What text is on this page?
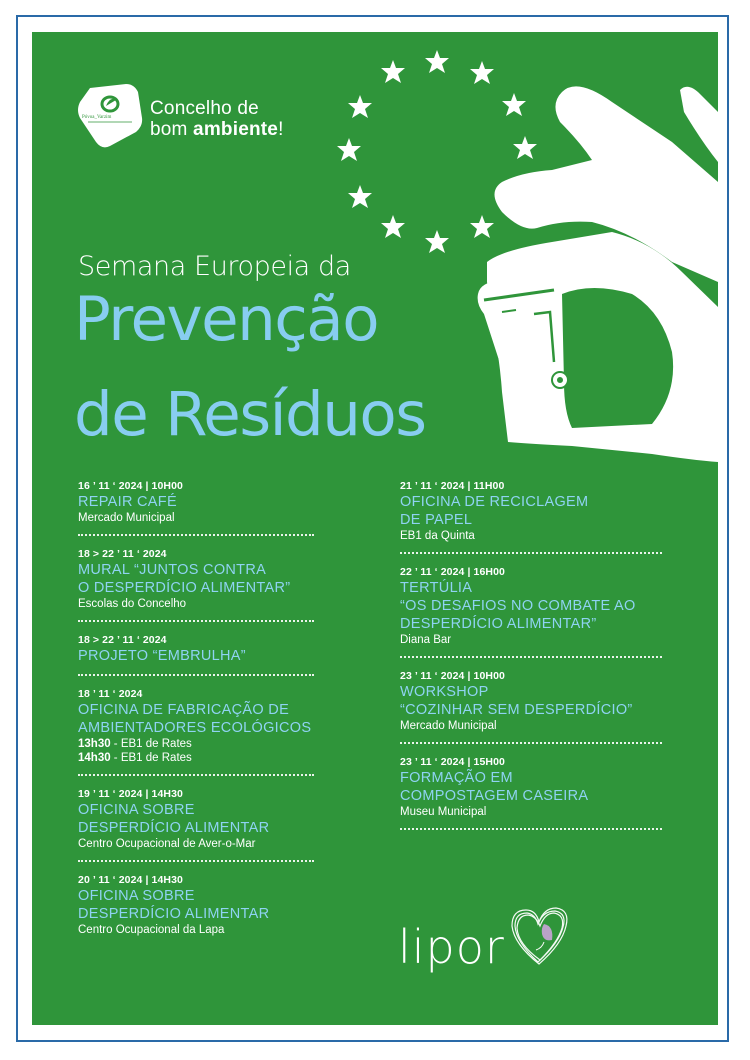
Póvoa_Varzim Concelho de
bom ambiente!
Semana Europeia da
Prevenção
de Resíduos
16 ’ 11 ‘ 2024 | 10H00
REPAIR CAFÉ
Mercado Municipal
18 > 22 ’ 11 ‘ 2024
MURAL “JUNTOS CONTRA
O DESPERDÍCIO ALIMENTAR”
Escolas do Concelho
18 > 22 ’ 11 ‘ 2024
PROJETO “EMBRULHA”
18 ’ 11 ‘ 2024
OFICINA DE FABRICAÇÃO DE
AMBIENTADORES ECOLÓGICOS
13h30 - EB1 de Rates
14h30 - EB1 de Rates
19 ’ 11 ‘ 2024 | 14H30
OFICINA SOBRE
DESPERDÍCIO ALIMENTAR
Centro Ocupacional de Aver-o-Mar
20 ’ 11 ‘ 2024 | 14H30
OFICINA SOBRE
DESPERDÍCIO ALIMENTAR
Centro Ocupacional da Lapa
21 ’ 11 ‘ 2024 | 11H00
OFICINA DE RECICLAGEM
DE PAPEL
EB1 da Quinta
22 ’ 11 ‘ 2024 | 16H00
TERTÚLIA
“OS DESAFIOS NO COMBATE AO
DESPERDÍCIO ALIMENTAR”
Diana Bar
23 ’ 11 ‘ 2024 | 10H00
WORKSHOP
“COZINHAR SEM DESPERDÍCIO”
Mercado Municipal
23 ’ 11 ‘ 2024 | 15H00
FORMAÇÃO EM
COMPOSTAGEM CASEIRA
Museu Municipal
lipor
